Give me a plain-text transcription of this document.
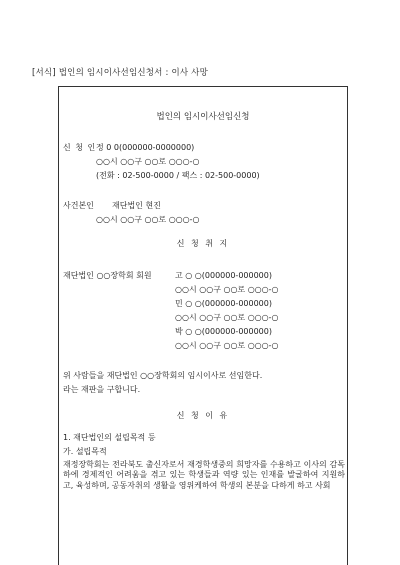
[서식] 법인의 임시이사선임신청서 : 이사 사망
법인의 임시이사선임신청
신 청 인 정 0 0(000000-0000000)
○○시 ○○구 ○○로 ○○○-○
(전화 : 02-500-0000 / 팩스 : 02-500-0000)
사건본인 재단법인 현진
○○시 ○○구 ○○로 ○○○-○
신 청 취 지
재단법인 ○○장학회 회원	고 ○ ○(000000-000000)
○○시 ○○구 ○○로 ○○○-○
민 ○ ○(000000-000000)
○○시 ○○구 ○○로 ○○○-○
박 ○ ○(000000-000000)
○○시 ○○구 ○○로 ○○○-○
위 사람들을 재단법인 ○○장학회의 임시이사로 선임한다.
라는 재판을 구합니다.
신 청 이 유
1. 재단법인의 설립목적 등
가. 설립목적
재정장학회는 전라북도 출신자로서 재경학생중의 희망자를 수용하고 이사의 감독하에 경제적인 어려움을 겪고 있는 학생들과 역량 있는 인재를 발굴하여 지원하고, 육성하며, 공동자취의 생활을 영위케하여 학생의 본분을 다하게 하고 사회
